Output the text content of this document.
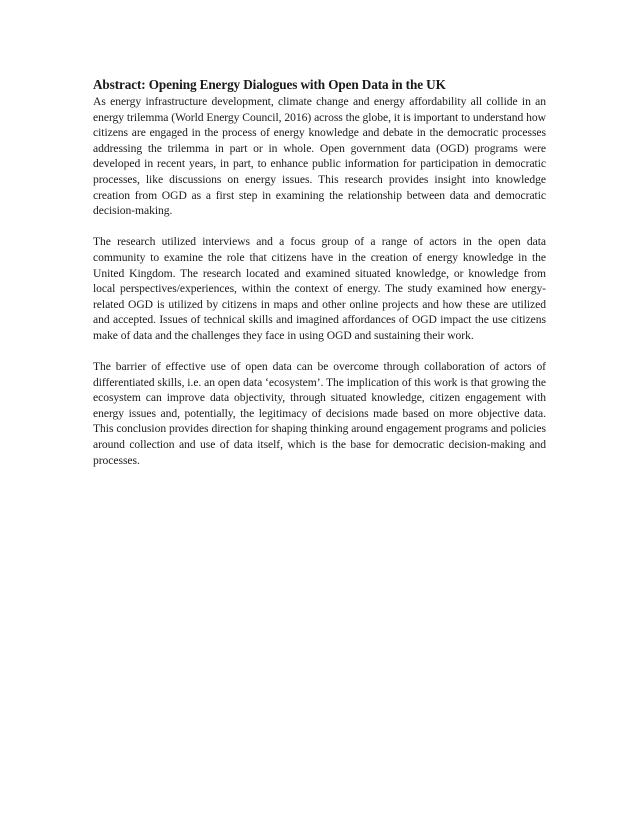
Abstract: Opening Energy Dialogues with Open Data in the UK

As energy infrastructure development, climate change and energy affordability all collide in an energy trilemma (World Energy Council, 2016) across the globe, it is important to understand how citizens are engaged in the process of energy knowledge and debate in the democratic processes addressing the trilemma in part or in whole. Open government data (OGD) programs were developed in recent years, in part, to enhance public information for participation in democratic processes, like discussions on energy issues. This research provides insight into knowledge creation from OGD as a first step in examining the relationship between data and democratic decision-making.

The research utilized interviews and a focus group of a range of actors in the open data community to examine the role that citizens have in the creation of energy knowledge in the United Kingdom. The research located and examined situated knowledge, or knowledge from local perspectives/experiences, within the context of energy. The study examined how energy-related OGD is utilized by citizens in maps and other online projects and how these are utilized and accepted. Issues of technical skills and imagined affordances of OGD impact the use citizens make of data and the challenges they face in using OGD and sustaining their work.

The barrier of effective use of open data can be overcome through collaboration of actors of differentiated skills, i.e. an open data ‘ecosystem’. The implication of this work is that growing the ecosystem can improve data objectivity, through situated knowledge, citizen engagement with energy issues and, potentially, the legitimacy of decisions made based on more objective data. This conclusion provides direction for shaping thinking around engagement programs and policies around collection and use of data itself, which is the base for democratic decision-making and processes.
